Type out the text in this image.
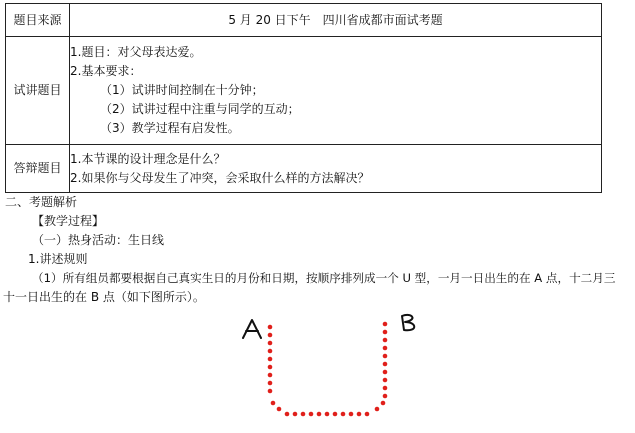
题目来源	5 月 20 日下午　四川省成都市面试考题
试讲题目	1.题目：对父母表达爱。
2.基本要求：
（1）试讲时间控制在十分钟；
（2）试讲过程中注重与同学的互动；
（3）教学过程有启发性。

答辩题目	1.本节课的设计理念是什么？
2.如果你与父母发生了冲突，会采取什么样的方法解决？
二、考题解析
【教学过程】
（一）热身活动：生日线
1.讲述规则
（1）所有组员都要根据自己真实生日的月份和日期，按顺序排列成一个 U 型，一月一日出生的在 A 点，十二月三
十一日出生的在 B 点（如下图所示）。
